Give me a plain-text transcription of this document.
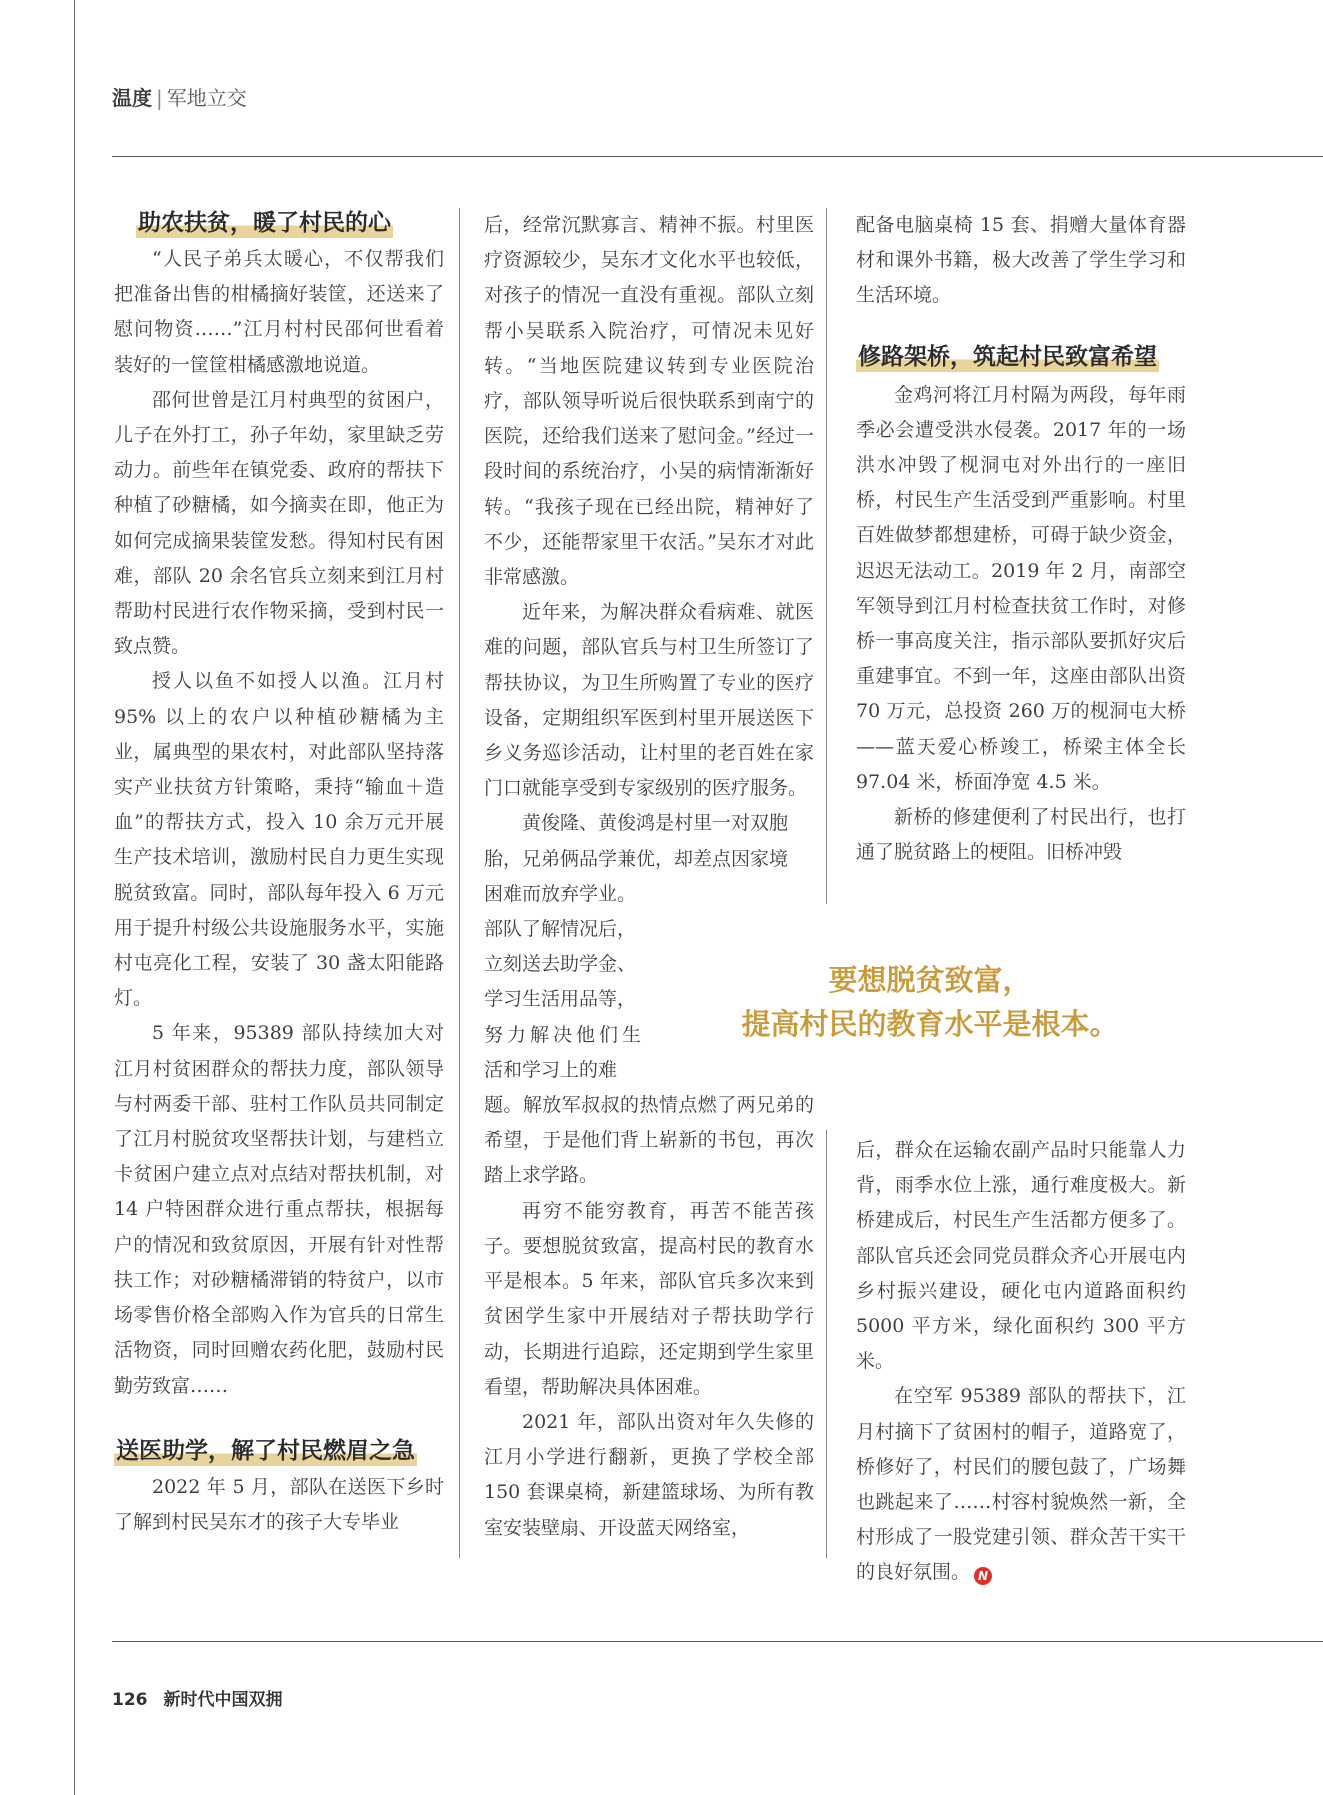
温度 | 军地立交
助农扶贫，暖了村民的心

“人民子弟兵太暖心，不仅帮我们把准备出售的柑橘摘好装筐，还送来了慰问物资……”江月村村民邵何世看着装好的一筐筐柑橘感激地说道。

邵何世曾是江月村典型的贫困户，儿子在外打工，孙子年幼，家里缺乏劳动力。前些年在镇党委、政府的帮扶下种植了砂糖橘，如今摘卖在即，他正为如何完成摘果装筐发愁。得知村民有困难，部队 20 余名官兵立刻来到江月村帮助村民进行农作物采摘，受到村民一致点赞。

授人以鱼不如授人以渔。江月村 95% 以上的农户以种植砂糖橘为主业，属典型的果农村，对此部队坚持落实产业扶贫方针策略，秉持“输血＋造血”的帮扶方式，投入 10 余万元开展生产技术培训，激励村民自力更生实现脱贫致富。同时，部队每年投入 6 万元用于提升村级公共设施服务水平，实施村屯亮化工程，安装了 30 盏太阳能路灯。

5 年来，95389 部队持续加大对江月村贫困群众的帮扶力度，部队领导与村两委干部、驻村工作队员共同制定了江月村脱贫攻坚帮扶计划，与建档立卡贫困户建立点对点结对帮扶机制，对 14 户特困群众进行重点帮扶，根据每户的情况和致贫原因，开展有针对性帮扶工作；对砂糖橘滞销的特贫户，以市场零售价格全部购入作为官兵的日常生活物资，同时回赠农药化肥，鼓励村民勤劳致富……

送医助学，解了村民燃眉之急

2022 年 5 月，部队在送医下乡时了解到村民吴东才的孩子大专毕业

后，经常沉默寡言、精神不振。村里医疗资源较少，吴东才文化水平也较低，对孩子的情况一直没有重视。部队立刻帮小吴联系入院治疗，可情况未见好转。“当地医院建议转到专业医院治疗，部队领导听说后很快联系到南宁的医院，还给我们送来了慰问金。”经过一段时间的系统治疗，小吴的病情渐渐好转。“我孩子现在已经出院，精神好了不少，还能帮家里干农活。”吴东才对此非常感激。

近年来，为解决群众看病难、就医难的问题，部队官兵与村卫生所签订了帮扶协议，为卫生所购置了专业的医疗设备，定期组织军医到村里开展送医下乡义务巡诊活动，让村里的老百姓在家门口就能享受到专家级别的医疗服务。

黄俊隆、黄俊鸿是村里一对双胞

胎，兄弟俩品学兼优，却差点因家境

困难而放弃学业。

部队了解情况后，

立刻送去助学金、

学习生活用品等，

努力解决他们生

活和学习上的难

题。解放军叔叔的热情点燃了两兄弟的希望，于是他们背上崭新的书包，再次踏上求学路。

再穷不能穷教育，再苦不能苦孩子。要想脱贫致富，提高村民的教育水平是根本。5 年来，部队官兵多次来到贫困学生家中开展结对子帮扶助学行动，长期进行追踪，还定期到学生家里看望，帮助解决具体困难。

2021 年，部队出资对年久失修的江月小学进行翻新，更换了学校全部 150 套课桌椅，新建篮球场、为所有教室安装壁扇、开设蓝天网络室，

配备电脑桌椅 15 套、捐赠大量体育器材和课外书籍，极大改善了学生学习和生活环境。

修路架桥，筑起村民致富希望

金鸡河将江月村隔为两段，每年雨季必会遭受洪水侵袭。2017 年的一场洪水冲毁了枧洞屯对外出行的一座旧桥，村民生产生活受到严重影响。村里百姓做梦都想建桥，可碍于缺少资金，迟迟无法动工。2019 年 2 月，南部空军领导到江月村检查扶贫工作时，对修桥一事高度关注，指示部队要抓好灾后重建事宜。不到一年，这座由部队出资 70 万元，总投资 260 万的枧洞屯大桥——蓝天爱心桥竣工，桥梁主体全长 97.04 米，桥面净宽 4.5 米。

新桥的修建便利了村民出行，也打通了脱贫路上的梗阻。旧桥冲毁

要想脱贫致富，
提高村民的教育水平是根本。

后，群众在运输农副产品时只能靠人力背，雨季水位上涨，通行难度极大。新桥建成后，村民生产生活都方便多了。部队官兵还会同党员群众齐心开展屯内乡村振兴建设，硬化屯内道路面积约 5000 平方米，绿化面积约 300 平方米。

在空军 95389 部队的帮扶下，江月村摘下了贫困村的帽子，道路宽了，桥修好了，村民们的腰包鼓了，广场舞也跳起来了……村容村貌焕然一新，全村形成了一股党建引领、群众苦干实干的良好氛围。 N

126 新时代中国双拥
